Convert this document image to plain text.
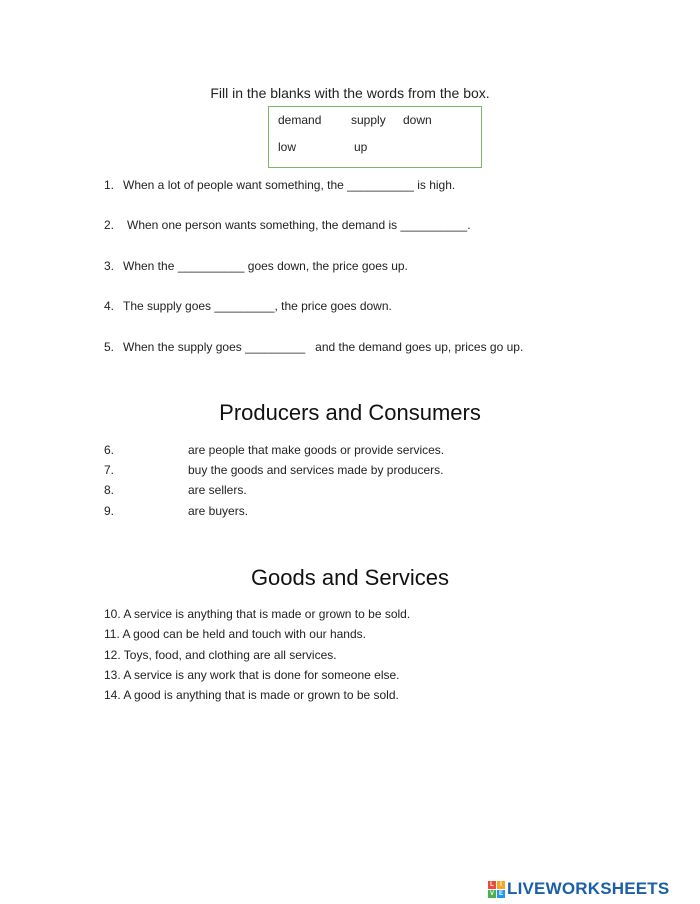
Fill in the blanks with the words from the box.
demand supply down
low	up
1. When a lot of people want something, the __________ is high.
2. When one person wants something, the demand is __________.
3. When the __________ goes down, the price goes up.
4. The supply goes _________, the price goes down.
5. When the supply goes _________   and the demand goes up, prices go up.
Producers and Consumers
6.	are people that make goods or provide services.
7.	buy the goods and services made by producers.
8.	are sellers.
9.	are buyers.
Goods and Services
10. A service is anything that is made or grown to be sold.
11. A good can be held and touch with our hands.
12. Toys, food, and clothing are all services.
13. A service is any work that is done for someone else.
14. A good is anything that is made or grown to be sold.
L	I
V E LIVEWORKSHEETS
